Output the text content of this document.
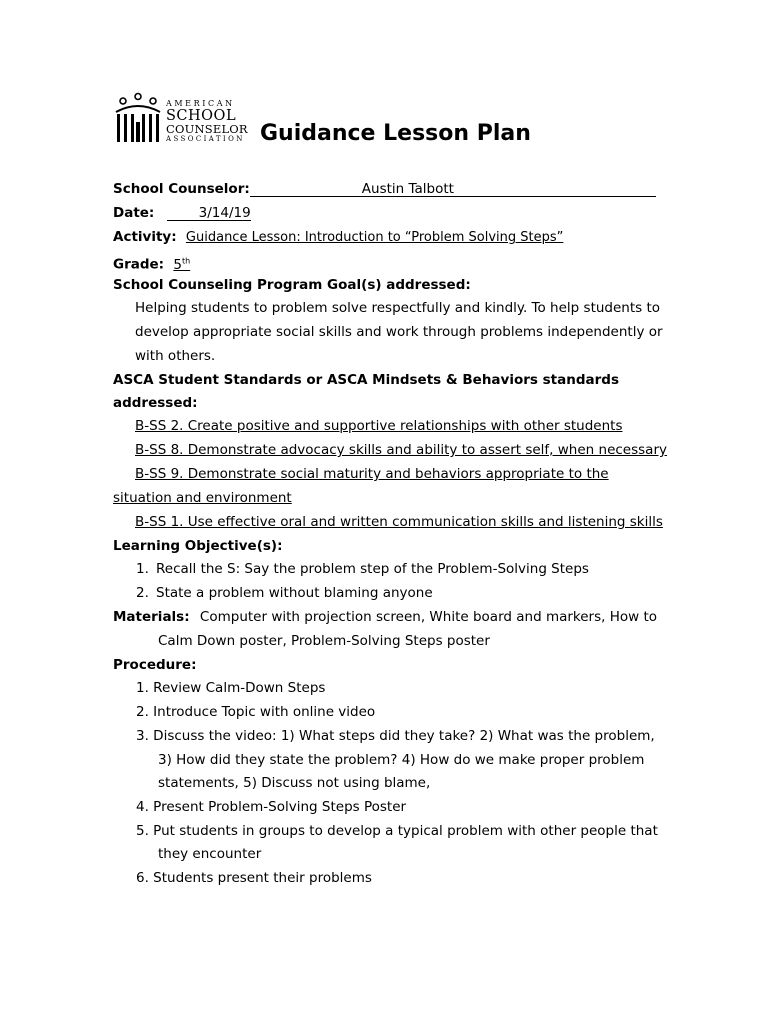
AMERICAN
SCHOOL
COUNSELOR
ASSOCIATION Guidance Lesson Plan
School Counselor:	Austin Talbott

Date:	3/14/19
Activity: Guidance Lesson: Introduction to “Problem Solving Steps”
Grade: 5th
School Counseling Program Goal(s) addressed:
Helping students to problem solve respectfully and kindly. To help students to
develop appropriate social skills and work through problems independently or
with others.
ASCA Student Standards or ASCA Mindsets & Behaviors standards
addressed:
B-SS 2. Create positive and supportive relationships with other students
B-SS 8. Demonstrate advocacy skills and ability to assert self, when necessary
B-SS 9. Demonstrate social maturity and behaviors appropriate to the
situation and environment
B-SS 1. Use effective oral and written communication skills and listening skills
Learning Objective(s):
1. Recall the S: Say the problem step of the Problem-Solving Steps
2. State a problem without blaming anyone
Materials: Computer with projection screen, White board and markers, How to
Calm Down poster, Problem-Solving Steps poster
Procedure:
1. Review Calm-Down Steps
2. Introduce Topic with online video
3. Discuss the video: 1) What steps did they take? 2) What was the problem,
3) How did they state the problem? 4) How do we make proper problem
statements, 5) Discuss not using blame,
4. Present Problem-Solving Steps Poster
5. Put students in groups to develop a typical problem with other people that
they encounter
6. Students present their problems
